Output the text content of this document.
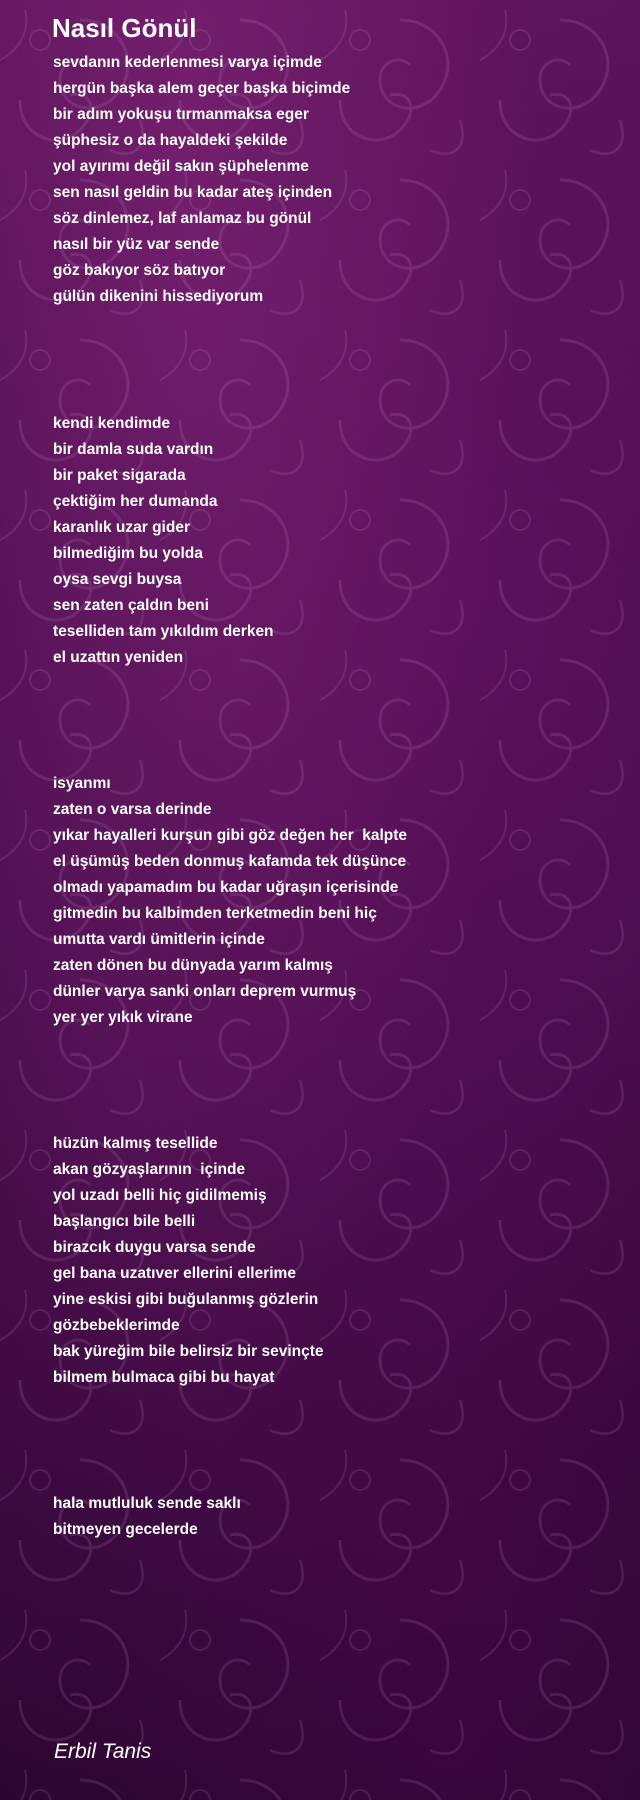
Nasıl Gönül
sevdanın kederlenmesi varya içimde
hergün başka alem geçer başka biçimde
bir adım yokuşu tırmanmaksa eger
şüphesiz o da hayaldeki şekilde
yol ayırımı değil sakın şüphelenme
sen nasıl geldin bu kadar ateş içinden
söz dinlemez, laf anlamaz bu gönül
nasıl bir yüz var sende
göz bakıyor söz batıyor
gülün dikenini hissediyorum
kendi kendimde
bir damla suda vardın
bir paket sigarada
çektiğim her dumanda
karanlık uzar gider
bilmediğim bu yolda
oysa sevgi buysa
sen zaten çaldın beni
teselliden tam yıkıldım derken
el uzattın yeniden
isyanmı
zaten o varsa derinde
yıkar hayalleri kurşun gibi göz değen her  kalpte
el üşümüş beden donmuş kafamda tek düşünce
olmadı yapamadım bu kadar uğraşın içerisinde
gitmedin bu kalbimden terketmedin beni hiç
umutta vardı ümitlerin içinde
zaten dönen bu dünyada yarım kalmış
dünler varya sanki onları deprem vurmuş
yer yer yıkık virane
hüzün kalmış tesellide
akan gözyaşlarının  içinde
yol uzadı belli hiç gidilmemiş
başlangıcı bile belli
birazcık duygu varsa sende
gel bana uzatıver ellerini ellerime
yine eskisi gibi buğulanmış gözlerin
gözbebeklerimde
bak yüreğim bile belirsiz bir sevinçte
bilmem bulmaca gibi bu hayat
hala mutluluk sende saklı
bitmeyen gecelerde
Erbil Tanis
